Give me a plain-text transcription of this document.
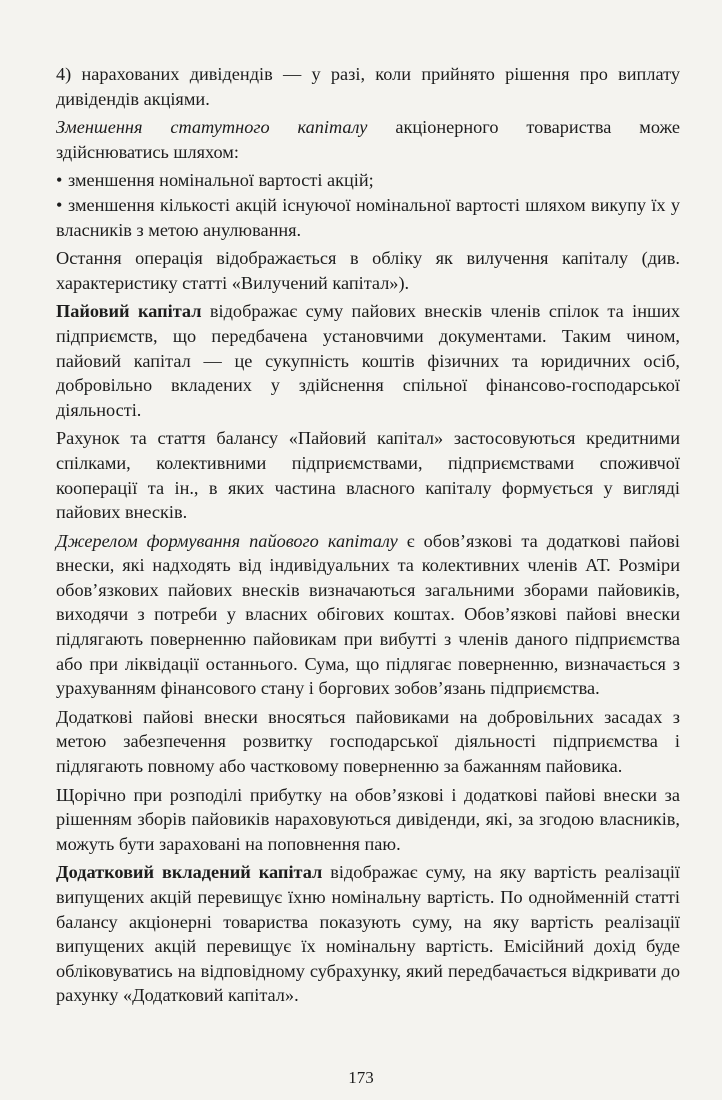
4) нарахованих дивідендів — у разі, коли прийнято рішення про виплату дивідендів акціями.

Зменшення статутного капіталу акціонерного товариства може здійснюватись шляхом:

• зменшення номінальної вартості акцій;
• зменшення кількості акцій існуючої номінальної вартості шляхом викупу їх у власників з метою анулювання.

Остання операція відображається в обліку як вилучення капіталу (див. характеристику статті «Вилучений капітал»).

Пайовий капітал відображає суму пайових внесків членів спілок та інших підприємств, що передбачена установчими документами. Таким чином, пайовий капітал — це сукупність коштів фізичних та юридичних осіб, добровільно вкладених у здійснення спільної фінансово-господарської діяльності.

Рахунок та стаття балансу «Пайовий капітал» застосовуються кредитними спілками, колективними підприємствами, підприємствами споживчої кооперації та ін., в яких частина власного капіталу формується у вигляді пайових внесків.

Джерелом формування пайового капіталу є обов’язкові та додаткові пайові внески, які надходять від індивідуальних та колективних членів АТ. Розміри обов’язкових пайових внесків визначаються загальними зборами пайовиків, виходячи з потреби у власних обігових коштах. Обов’язкові пайові внески підлягають поверненню пайовикам при вибутті з членів даного підприємства або при ліквідації останнього. Сума, що підлягає поверненню, визначається з урахуванням фінансового стану і боргових зобов’язань підприємства.

Додаткові пайові внески вносяться пайовиками на добровільних засадах з метою забезпечення розвитку господарської діяльності підприємства і підлягають повному або частковому поверненню за бажанням пайовика.

Щорічно при розподілі прибутку на обов’язкові і додаткові пайові внески за рішенням зборів пайовиків нараховуються дивіденди, які, за згодою власників, можуть бути зараховані на поповнення паю.

Додатковий вкладений капітал відображає суму, на яку вартість реалізації випущених акцій перевищує їхню номінальну вартість. По однойменній статті балансу акціонерні товариства показують суму, на яку вартість реалізації випущених акцій перевищує їх номінальну вартість. Емісійний дохід буде обліковуватись на відповідному субрахунку, який передбачається відкривати до рахунку «Додатковий капітал».

173
